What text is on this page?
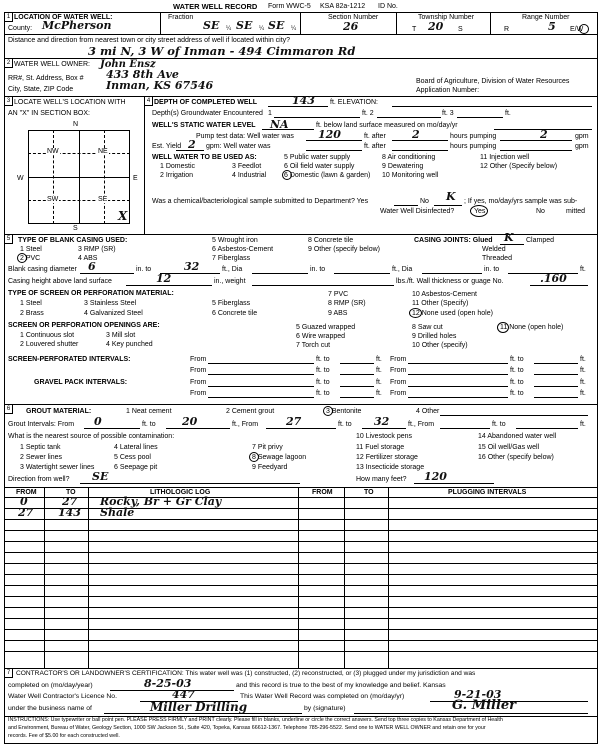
WATER WELL RECORD Form WWC-5 KSA 82a-1212 ID No.
1 LOCATION OF WATER WELL:
County: McPherson
Fraction
SE ¼ SE ¼ SE ¼
Section Number
26
Township Number
T 20 S
Range Number
R	5 E/W
Distance and direction from nearest town or city street address of well if located within city?
3 mi N, 3 W of Inman - 494 Cimmaron Rd
2 WATER WELL OWNER: John Ensz
RR#, St. Address, Box # 433 8th Ave
City, State, ZIP Code	Inman, KS 67546	Board of Agriculture, Division of Water Resources
Application Number:
3 LOCATE WELL'S LOCATION WITH
AN "X" IN SECTION BOX:
N
S
W	E
NW	NE
SW	SE
X
4 DEPTH OF COMPLETED WELL	143 ft. ELEVATION:
Depth(s) Groundwater Encountered 1	ft. 2	ft. 3	ft.
WELL'S STATIC WATER LEVEL NA	ft. below land surface measured on mo/day/yr
Pump test data: Well water was 120	ft. after 2	hours pumping	2	gpm
Est. Yield 2 gpm: Well water was	ft. after	hours pumping	gpm
WELL WATER TO BE USED AS:
1 Domestic	3 Feedlot
5 Public water supply	8 Air conditioning	11 Injection well
2 Irrigation	4 Industrial	6 Domestic (lawn & garden) 10 Monitoring well
12 Other (Specify below)
6 Oil field water supply	9 Dewatering
Was a chemical/bacteriological sample submitted to Department? Yes	No K ; If yes, mo/day/yrs sample was sub-
mitted
Water Well Disinfected?	Yes	No
5	TYPE OF BLANK CASING USED:
1 Steel	3 RMP (SR)
2 PVC	4 ABS
5 Wrought iron
6 Asbestos-Cement
7 Fiberglass
8 Concrete tile
9 Other (specify below)
CASING JOINTS: Glued K Clamped
Welded
Threaded
Blank casing diameter 6	in. to	32	ft., Dia	in. to	ft., Dia	in. to	ft.
Casing height above land surface	12	in., weight	lbs./ft. Wall thickness or guage No.	.160
TYPE OF SCREEN OR PERFORATION MATERIAL:
1 Steel	3 Stainless Steel	5 Fiberglass
7 PVC	10 Asbestos-Cement
2 Brass	4 Galvanized Steel	6 Concrete tile
8 RMP (SR)	11 Other (Specify)
9 ABS	12 None used (open hole)
SCREEN OR PERFORATION OPENINGS ARE:
1 Continuous slot	3 Mill slot
2 Louvered shutter	4 Key punched
5 Guazed wrapped
6 Wire wrapped
7 Torch cut
8 Saw cut
9 Drilled holes
10 Other (specify)
11 None (open hole)
SCREEN-PERFORATED INTERVALS:	From	ft. to	ft. From	ft. to	ft.
From	ft. to	ft. From	ft. to	ft.
GRAVEL PACK INTERVALS:	From	ft. to	ft. From	ft. to	ft.
From	ft. to	ft. From	ft. to	ft.
6	GROUT MATERIAL:	1 Neat cement	2 Cement grout	3 Bentonite	4 Other
Grout Intervals: From 0	ft. to 20	ft., From	27	ft. to 32	ft., From	ft. to	ft.
What is the nearest source of possible contamination:
1 Septic tank	4 Lateral lines	7 Pit privy
10 Livestock pens	14 Abandoned water well
2 Sewer lines	5 Cess pool	8 Sewage lagoon
11 Fuel storage	15 Oil well/Gas well
3 Watertight sewer lines	6 Seepage pit	9 Feedyard
12 Fertilizer storage	16 Other (specify below)
13 Insecticide storage
Direction from well? SE	How many feet? 120
FROM	TO	LITHOLOGIC LOG	FROM	TO	PLUGGING INTERVALS
0	27 Rocky, Br + Gr Clay
27 143 Shale
7 CONTRACTOR'S OR LANDOWNER'S CERTIFICATION: This water well was (1) constructed, (2) reconstructed, or (3) plugged under my jurisdiction and was
completed on (mo/day/year)	8-25-03	and this record is true to the best of my knowledge and belief. Kansas
Water Well Contractor's Licence No.	447	This Water Well Record was completed on (mo/day/yr)	9-21-03
under the business name of	Miller Drilling	by (signature)	G. Miller
INSTRUCTIONS: Use typewriter or ball point pen. PLEASE PRESS FIRMLY and PRINT clearly. Please fill in blanks, underline or circle the correct answers. Send top three copies to Kansas Department of Health
and Environment, Bureau of Water, Geology Section, 1000 SW Jackson St., Suite 420, Topeka, Kansas 66612-1367. Telephone 785-296-5522. Send one to WATER WELL OWNER and retain one for your
records. Fee of $5.00 for each constructed well.
